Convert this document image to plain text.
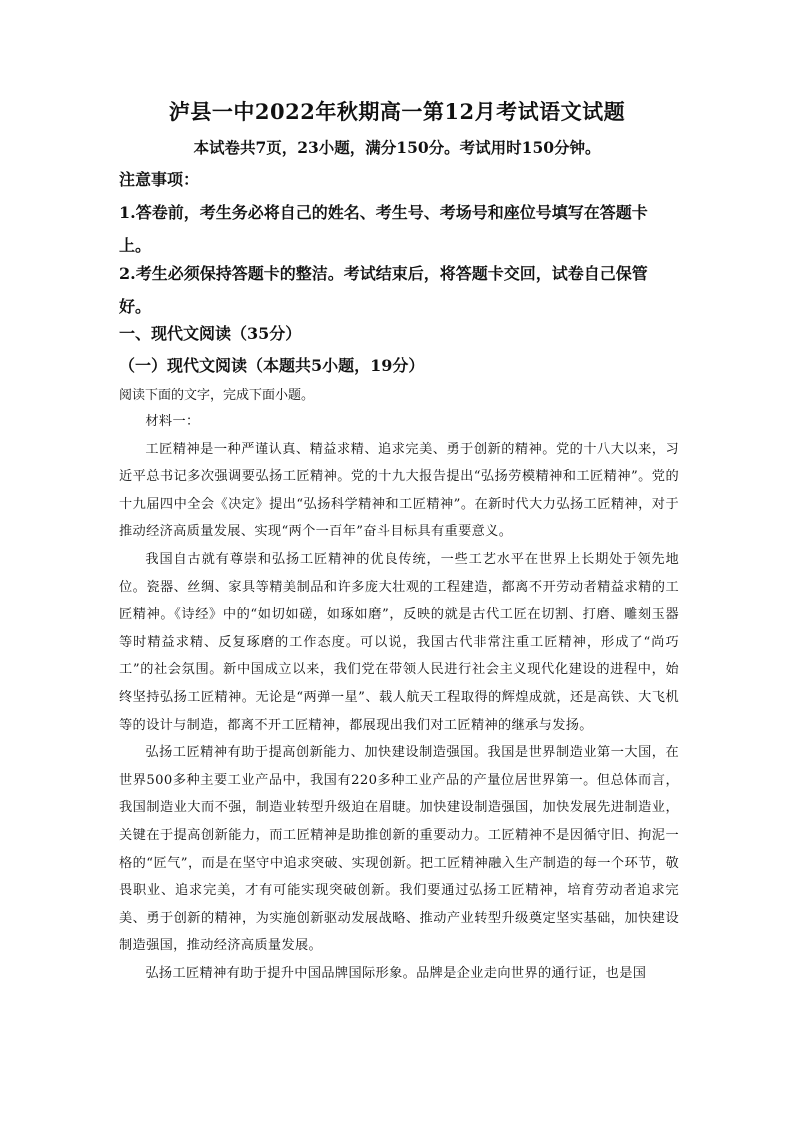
泸县一中2022年秋期高一第12月考试语文试题
本试卷共7页，23小题，满分150分。考试用时150分钟。
注意事项：
1.答卷前，考生务必将自己的姓名、考生号、考场号和座位号填写在答题卡上。
2.考生必须保持答题卡的整洁。考试结束后，将答题卡交回，试卷自己保管好。
一、现代文阅读（35分）
（一）现代文阅读（本题共5小题，19分）
阅读下面的文字，完成下面小题。

材料一：

工匠精神是一种严谨认真、精益求精、追求完美、勇于创新的精神。党的十八大以来，习近平总书记多次强调要弘扬工匠精神。党的十九大报告提出“弘扬劳模精神和工匠精神”。党的十九届四中全会《决定》提出“弘扬科学精神和工匠精神”。在新时代大力弘扬工匠精神，对于推动经济高质量发展、实现“两个一百年”奋斗目标具有重要意义。

我国自古就有尊崇和弘扬工匠精神的优良传统，一些工艺水平在世界上长期处于领先地位。瓷器、丝绸、家具等精美制品和许多庞大壮观的工程建造，都离不开劳动者精益求精的工匠精神。《诗经》中的“如切如磋，如琢如磨”，反映的就是古代工匠在切割、打磨、雕刻玉器等时精益求精、反复琢磨的工作态度。可以说，我国古代非常注重工匠精神，形成了“尚巧工”的社会氛围。新中国成立以来，我们党在带领人民进行社会主义现代化建设的进程中，始终坚持弘扬工匠精神。无论是“两弹一星”、载人航天工程取得的辉煌成就，还是高铁、大飞机等的设计与制造，都离不开工匠精神，都展现出我们对工匠精神的继承与发扬。

弘扬工匠精神有助于提高创新能力、加快建设制造强国。我国是世界制造业第一大国，在世界500多种主要工业产品中，我国有220多种工业产品的产量位居世界第一。但总体而言，我国制造业大而不强，制造业转型升级迫在眉睫。加快建设制造强国，加快发展先进制造业，关键在于提高创新能力，而工匠精神是助推创新的重要动力。工匠精神不是因循守旧、拘泥一格的“匠气”，而是在坚守中追求突破、实现创新。把工匠精神融入生产制造的每一个环节，敬畏职业、追求完美，才有可能实现突破创新。我们要通过弘扬工匠精神，培育劳动者追求完美、勇于创新的精神，为实施创新驱动发展战略、推动产业转型升级奠定坚实基础，加快建设制造强国，推动经济高质量发展。

弘扬工匠精神有助于提升中国品牌国际形象。品牌是企业走向世界的通行证，也是国
